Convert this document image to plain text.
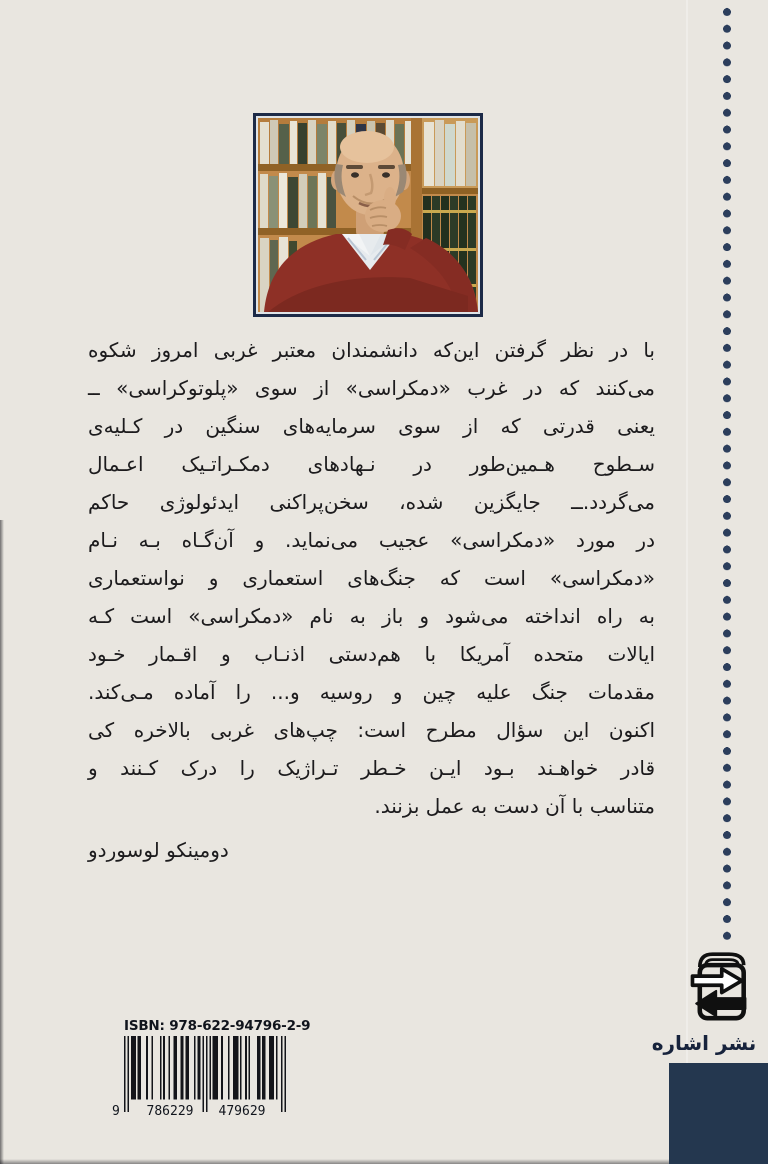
با در نظر گرفتن این‌که دانشمندان معتبر غربی امروز شکوه
می‌کنند که در غرب «دمکراسی» از سوی «پلوتوکراسی» ــ
یعنی قدرتی که از سوی سرمایه‌های سنگین در کـلیه‌ی
سـطوح هـمین‌طور در نـهادهای دمکـراتـیک اعـمال
می‌گردد.ــ جایگزین شده، سخن‌پراکنی ایدئولوژی حاکم
در مورد «دمکراسی» عجیب می‌نماید. و آن‌گـاه بـه نـام
«دمکراسی» است که جنگ‌های استعماری و نواستعماری
به راه انداخته می‌شود و باز به نام «دمکراسی» است کـه
ایالات متحده آمریکا با هم‌دستی اذنـاب و اقـمار خـود
مقدمات جنگ علیه چین و روسیه و... را آماده مـی‌کند.
اکنون این سؤال مطرح است: چپ‌های غربی بالاخره کی
قادر خواهـند بـود ایـن خـطر تـراژیک را درک کـنند و
متناسب با آن دست به عمل بزنند.
دومینکو لوسوردو
نشر اشاره
ISBN: 978-622-94796-2-9
9	786229	479629
